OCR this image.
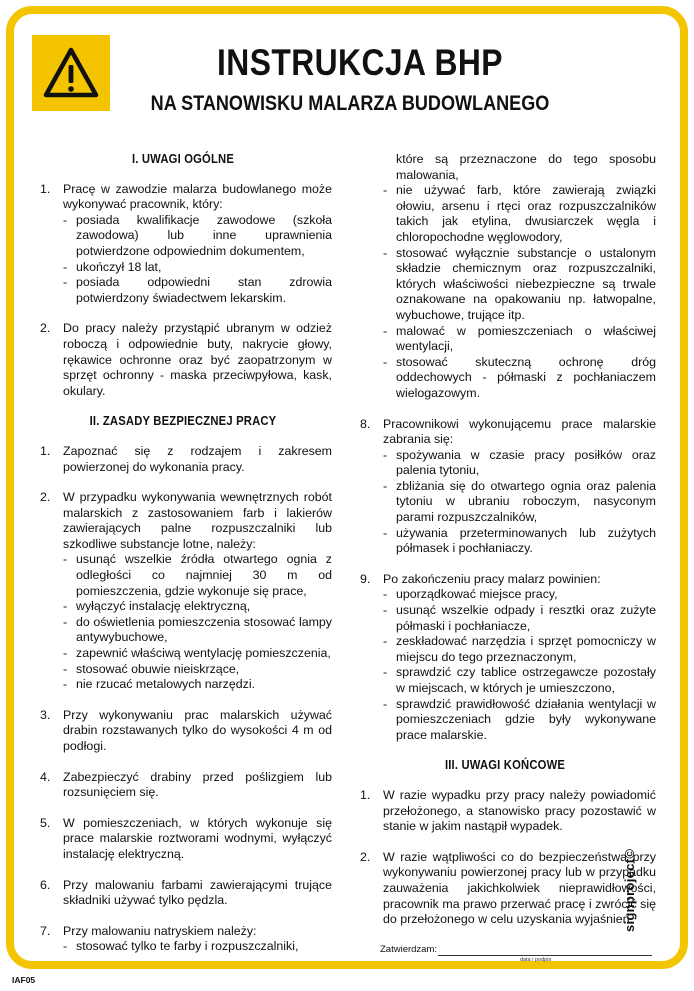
INSTRUKCJA BHP
NA STANOWISKU MALARZA BUDOWLANEGO
I. UWAGI OGÓLNE
1.	Pracę w zawodzie malarza budowlanego może wykonywać pracownik, który:

- posiada kwalifikacje zawodowe (szkoła zawodowa) lub inne uprawnienia potwierdzone odpowiednim dokumentem,
- ukończył 18 lat,
- posiada odpowiedni stan zdrowia potwierdzony świadectwem lekarskim.
2.	Do pracy należy przystąpić ubranym w odzież roboczą i odpowiednie buty, nakrycie głowy, rękawice ochronne oraz być zaopatrzonym w sprzęt ochronny - maska przeciwpyłowa, kask, okulary.

II. ZASADY BEZPIECZNEJ PRACY
1.	Zapoznać się z rodzajem i zakresem powierzonej do wykonania pracy.

2.	W przypadku wykonywania wewnętrznych robót malarskich z zastosowaniem farb i lakierów zawierających palne rozpuszczalniki lub szkodliwe substancje lotne, należy:

- usunąć wszelkie źródła otwartego ognia z odległości co najmniej 30 m od pomieszczenia, gdzie wykonuje się prace,
- wyłączyć instalację elektryczną,
- do oświetlenia pomieszczenia stosować lampy antywybuchowe,
- zapewnić właściwą wentylację pomieszczenia,
- stosować obuwie nieiskrzące,
- nie rzucać metalowych narzędzi.
3.	Przy wykonywaniu prac malarskich używać drabin rozstawanych tylko do wysokości 4 m od podłogi.

4.	Zabezpieczyć drabiny przed poślizgiem lub rozsunięciem się.

5.	W pomieszczeniach, w których wykonuje się prace malarskie roztworami wodnymi, wyłączyć instalację elektryczną.

6.	Przy malowaniu farbami zawierającymi trujące składniki używać tylko pędzla.

7.	Przy malowaniu natryskiem należy:

- stosować tylko te farby i rozpuszczalniki,
które są przeznaczone do tego sposobu malowania,
- nie używać farb, które zawierają związki ołowiu, arsenu i rtęci oraz rozpuszczalników takich jak etylina, dwusiarczek węgla i chloropochodne węglowodory,
- stosować wyłącznie substancje o ustalonym składzie chemicznym oraz rozpuszczalniki, których właściwości niebezpieczne są trwale oznakowane na opakowaniu np. łatwopalne, wybuchowe, trujące itp.
- malować w pomieszczeniach o właściwej wentylacji,
- stosować skuteczną ochronę dróg oddechowych - półmaski z pochłaniaczem wielogazowym.
8.	Pracownikowi wykonującemu prace malarskie zabrania się:

- spożywania w czasie pracy posiłków oraz palenia tytoniu,
- zbliżania się do otwartego ognia oraz palenia tytoniu w ubraniu roboczym, nasyconym parami rozpuszczalników,
- używania przeterminowanych lub zużytych półmasek i pochłaniaczy.
9.	Po zakończeniu pracy malarz powinien:

- uporządkować miejsce pracy,
- usunąć wszelkie odpady i resztki oraz zużyte półmaski i pochłaniacze,
- zeskładować narzędzia i sprzęt pomocniczy w miejscu do tego przeznaczonym,
- sprawdzić czy tablice ostrzegawcze pozostały w miejscach, w których je umieszczono,
- sprawdzić prawidłowość działania wentylacji w pomieszczeniach gdzie były wykonywane prace malarskie.
III. UWAGI KOŃCOWE
1.	W razie wypadku przy pracy należy powiadomić przełożonego, a stanowisko pracy pozostawić w stanie w jakim nastąpił wypadek.

2.	W razie wątpliwości co do bezpieczeństwa przy wykonywaniu powierzonej pracy lub w przypadku zauważenia jakichkolwiek nieprawidłowości, pracownik ma prawo przerwać pracę i zwrócić się do przełożonego w celu uzyskania wyjaśnień.

Zatwierdzam:
data i podpis
IAF05
signproject©
